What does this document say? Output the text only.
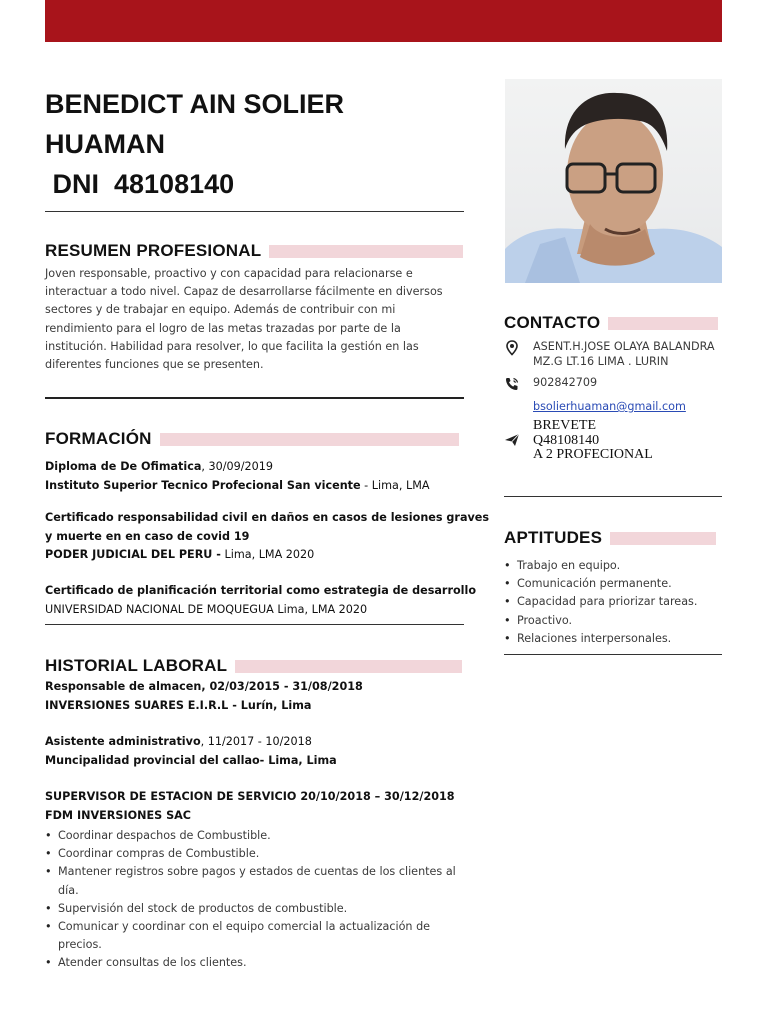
BENEDICT AIN SOLIER
HUAMAN
DNI  48108140
RESUMEN PROFESIONAL
Joven responsable, proactivo y con capacidad para relacionarse e
interactuar a todo nivel. Capaz de desarrollarse fácilmente en diversos
sectores y de trabajar en equipo. Además de contribuir con mi
rendimiento para el logro de las metas trazadas por parte de la
institución. Habilidad para resolver, lo que facilita la gestión en las
diferentes funciones que se presenten.
FORMACIÓN
Diploma de De Ofimatica, 30/09/2019
Instituto Superior Tecnico Profecional San vicente - Lima, LMA
Certificado responsabilidad civil en daños en casos de lesiones graves
y muerte en en caso de covid 19
PODER JUDICIAL DEL PERU - Lima, LMA 2020
Certificado de planificación territorial como estrategia de desarrollo
UNIVERSIDAD NACIONAL DE MOQUEGUA Lima, LMA 2020
HISTORIAL LABORAL
Responsable de almacen, 02/03/2015 - 31/08/2018
INVERSIONES SUARES E.I.R.L - Lurín, Lima
Asistente administrativo, 11/2017 - 10/2018
Muncipalidad provincial del callao- Lima, Lima
SUPERVISOR DE ESTACION DE SERVICIO 20/10/2018 – 30/12/2018
FDM INVERSIONES SAC
• Coordinar despachos de Combustible.
• Coordinar compras de Combustible.
• Mantener registros sobre pagos y estados de cuentas de los clientes al día.
• Supervisión del stock de productos de combustible.
• Comunicar y coordinar con el equipo comercial la actualización de precios.
• Atender consultas de los clientes.
CONTACTO
ASENT.H.JOSE OLAYA BALANDRA
MZ.G LT.16 LIMA . LURIN
902842709
bsolierhuaman@gmail.com
BREVETE
Q48108140
A 2 PROFECIONAL
APTITUDES
• Trabajo en equipo.
• Comunicación permanente.
• Capacidad para priorizar tareas.
• Proactivo.
• Relaciones interpersonales.
